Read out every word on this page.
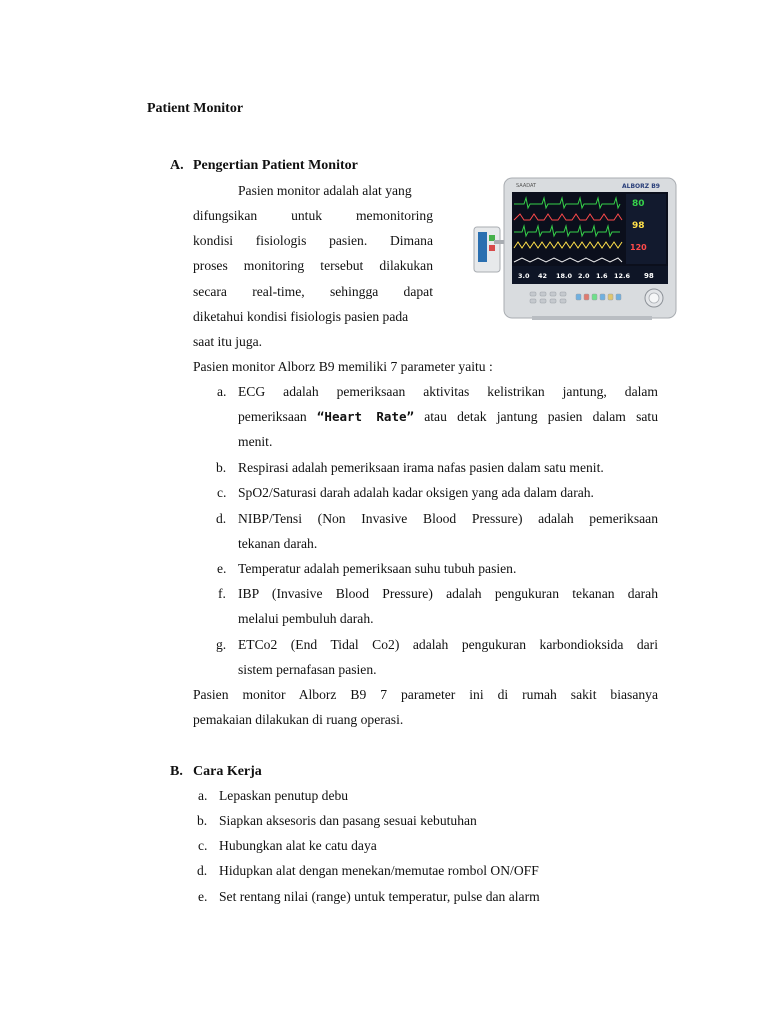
Patient Monitor
A. Pengertian Patient Monitor
Pasien monitor adalah alat yang
difungsikan untuk memonitoring
kondisi fisiologis pasien. Dimana
proses monitoring tersebut dilakukan
secara real-time, sehingga dapat
diketahui kondisi fisiologis pasien pada
saat itu juga.
SAADAT	ALBORZ B9
80
98
120
3.0 42 18.0 2.0 1.6 12.6 98
Pasien monitor Alborz B9 memiliki 7 parameter yaitu :
a. ECG adalah pemeriksaan aktivitas kelistrikan jantung, dalam
pemeriksaan “Heart Rate” atau detak jantung pasien dalam satu
menit.
b. Respirasi adalah pemeriksaan irama nafas pasien dalam satu menit.
c. SpO2/Saturasi darah adalah kadar oksigen yang ada dalam darah.
d. NIBP/Tensi (Non Invasive Blood Pressure) adalah pemeriksaan
tekanan darah.
e. Temperatur adalah pemeriksaan suhu tubuh pasien.
f. IBP (Invasive Blood Pressure) adalah pengukuran tekanan darah
melalui pembuluh darah.
g. ETCo2 (End Tidal Co2) adalah pengukuran karbondioksida dari
sistem pernafasan pasien.
Pasien monitor Alborz B9 7 parameter ini di rumah sakit biasanya
pemakaian dilakukan di ruang operasi.
B. Cara Kerja
a. Lepaskan penutup debu
b. Siapkan aksesoris dan pasang sesuai kebutuhan
c. Hubungkan alat ke catu daya
d. Hidupkan alat dengan menekan/memutae rombol ON/OFF
e. Set rentang nilai (range) untuk temperatur, pulse dan alarm
